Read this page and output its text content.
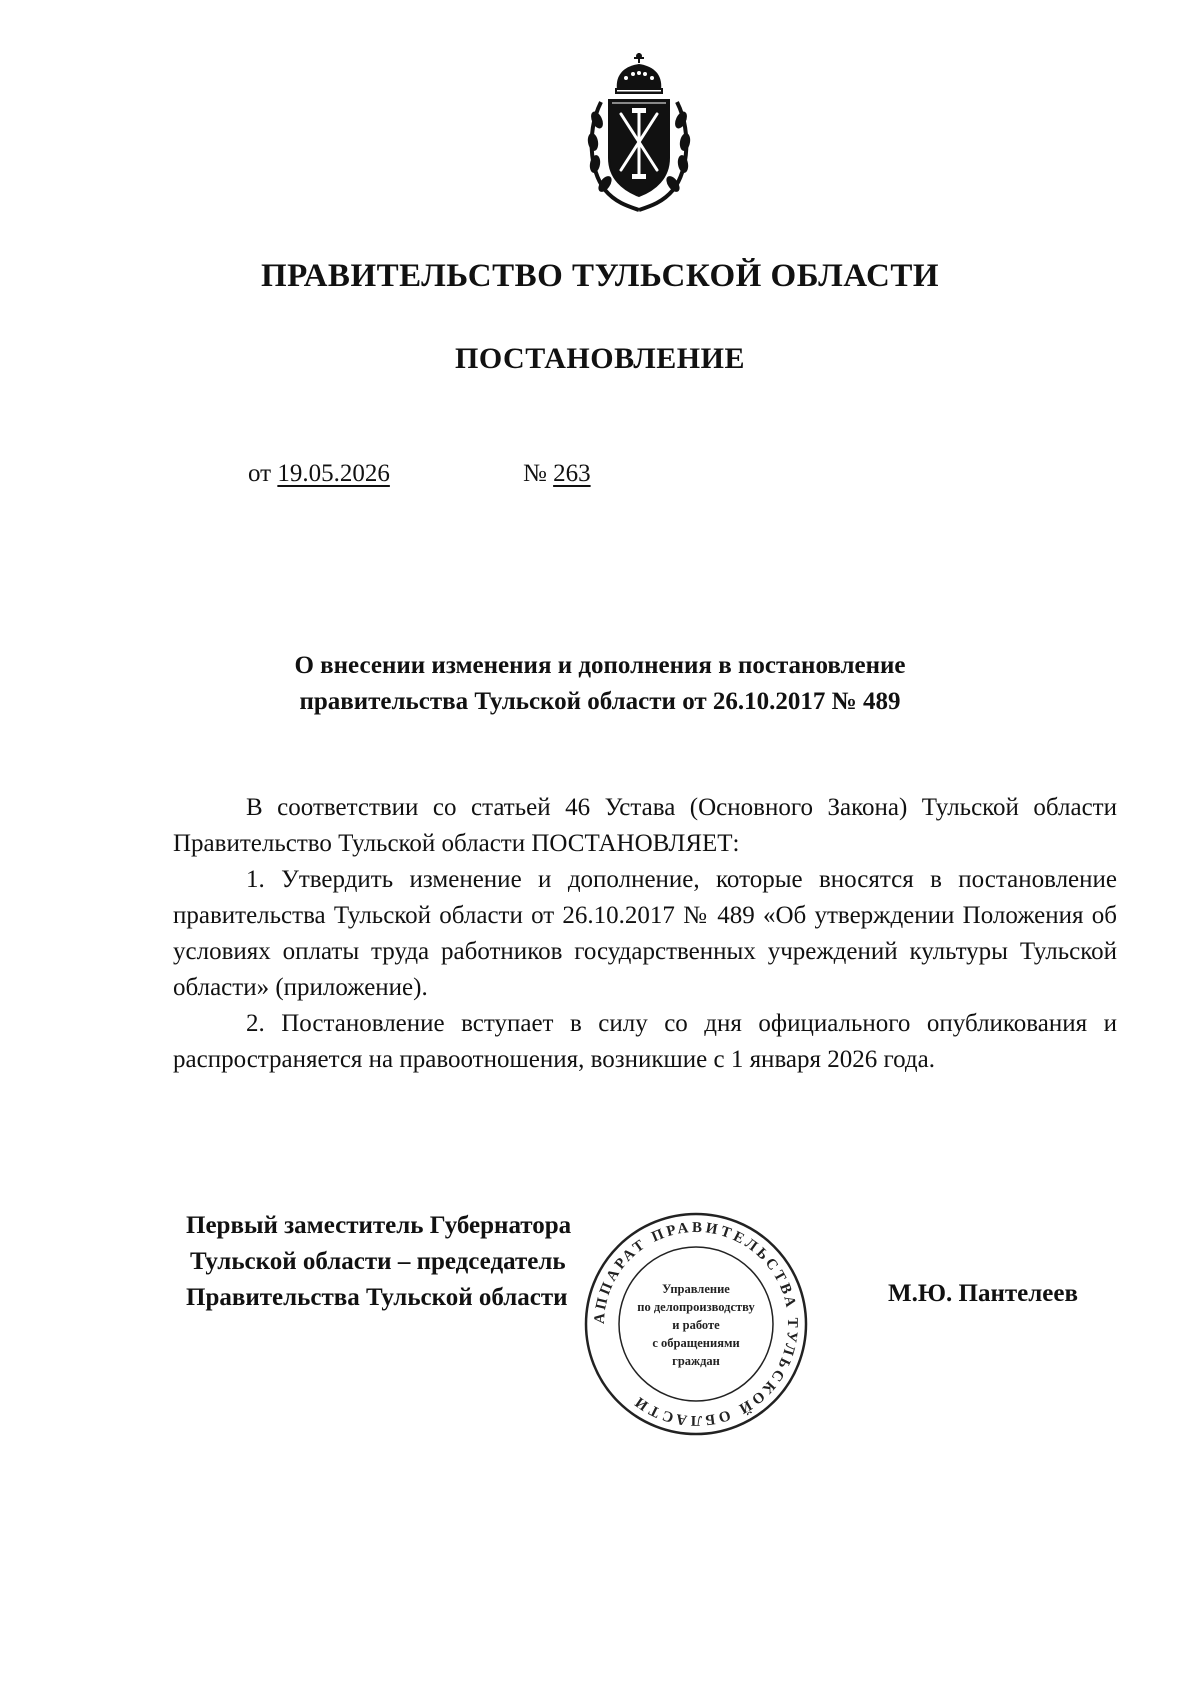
ПРАВИТЕЛЬСТВО ТУЛЬСКОЙ ОБЛАСТИ
ПОСТАНОВЛЕНИЕ
от 19.05.2026	№ 263
О внесении изменения и дополнения в постановление
правительства Тульской области от 26.10.2017 № 489

В соответствии со статьей 46 Устава (Основного Закона) Тульской области Правительство Тульской области ПОСТАНОВЛЯЕТ:

1. Утвердить изменение и дополнение, которые вносятся в постановление правительства Тульской области от 26.10.2017 № 489 «Об утверждении Положения об условиях оплаты труда работников государственных учреждений культуры Тульской области» (приложение).

2. Постановление вступает в силу со дня официального опубликования и распространяется на правоотношения, возникшие с 1 января 2026 года.

Первый заместитель Губернатора
Тульской области – председатель
Правительства Тульской области
АППАРАТ ПРАВИТЕЛЬСТВА ТУЛЬСКОЙ ОБЛАСТИ
Управление
по делопроизводству
и работе
с обращениями
граждан
М.Ю. Пантелеев
